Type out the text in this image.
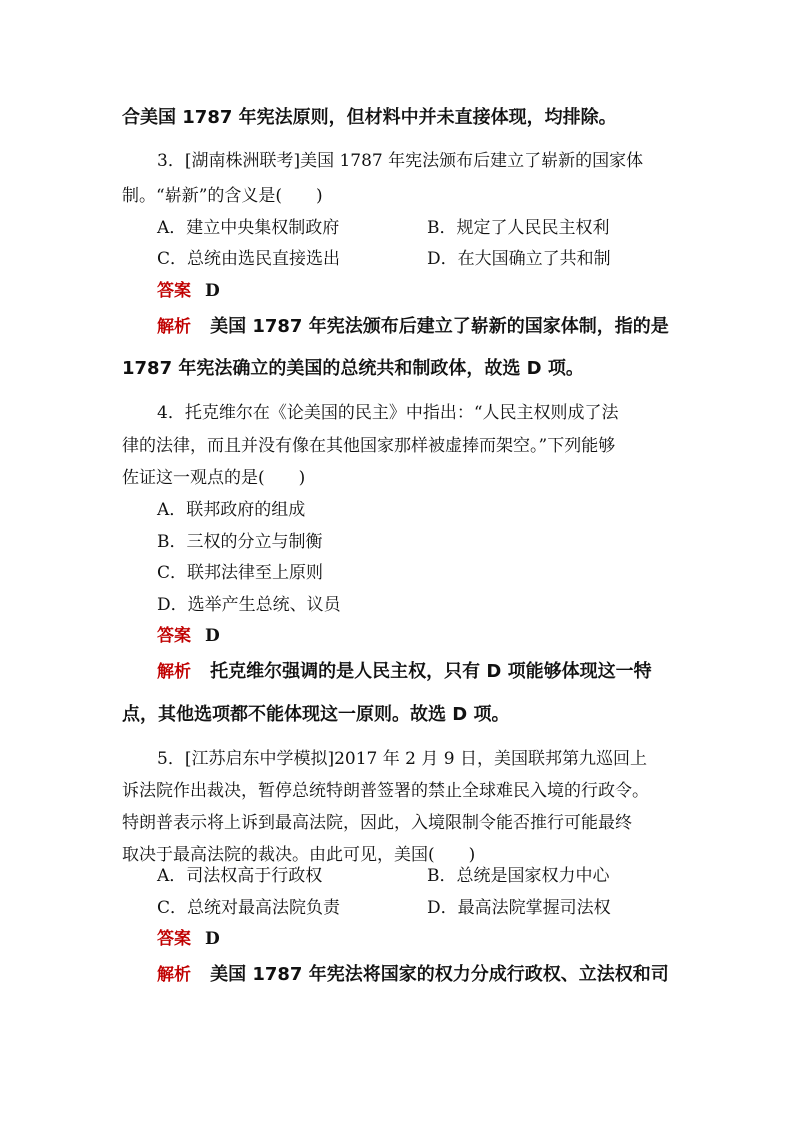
合美国 1787 年宪法原则，但材料中并未直接体现，均排除。
3．[湖南株洲联考]美国 1787 年宪法颁布后建立了崭新的国家体
制。“崭新”的含义是(　　)
A．建立中央集权制政府	B．规定了人民民主权利
C．总统由选民直接选出	D．在大国确立了共和制
答案 D
解析 美国 1787 年宪法颁布后建立了崭新的国家体制，指的是
1787 年宪法确立的美国的总统共和制政体，故选 D 项。
4．托克维尔在《论美国的民主》中指出：“人民主权则成了法
律的法律，而且并没有像在其他国家那样被虚捧而架空。”下列能够
佐证这一观点的是(　　)
A．联邦政府的组成
B．三权的分立与制衡
C．联邦法律至上原则
D．选举产生总统、议员
答案 D
解析 托克维尔强调的是人民主权，只有 D 项能够体现这一特
点，其他选项都不能体现这一原则。故选 D 项。
5．[江苏启东中学模拟]2017 年 2 月 9 日，美国联邦第九巡回上
诉法院作出裁决，暂停总统特朗普签署的禁止全球难民入境的行政令。
特朗普表示将上诉到最高法院，因此，入境限制令能否推行可能最终
取决于最高法院的裁决。由此可见，美国(　　)
A．司法权高于行政权	B．总统是国家权力中心
C．总统对最高法院负责	D．最高法院掌握司法权
答案 D
解析 美国 1787 年宪法将国家的权力分成行政权、立法权和司
